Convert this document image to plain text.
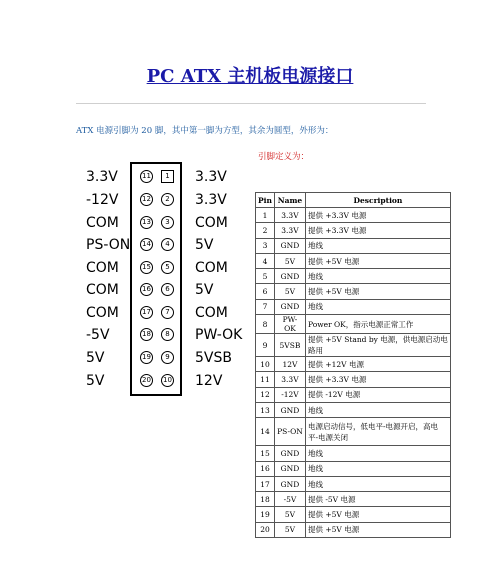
PC ATX 主机板电源接口
ATX 电源引脚为 20 脚，其中第一脚为方型，其余为圆型，外形为：
引脚定义为：
3.3V
-12V
COM
PS-ON
COM
COM
COM
-5V
5V
5V
3.3V
3.3V
COM
5V
COM
5V
COM
PW-OK
5VSB
12V
11
12
13
14
15
16
17
18
19
20
1
2
3
4
5
6
7
8
9
10
Pin	Name	Description
1	3.3V	提供 +3.3V 电源
2	3.3V	提供 +3.3V 电源
3	GND	地线
4	5V	提供 +5V 电源
5	GND	地线
6	5V	提供 +5V 电源
7	GND	地线
8	PW-OK	Power OK，指示电源正常工作
9	5VSB	提供 +5V Stand by 电源，供电源启动电路用
10	12V	提供 +12V 电源
11	3.3V	提供 +3.3V 电源
12	-12V	提供 -12V 电源
13	GND	地线
14	PS-ON	电源启动信号，低电平-电源开启，高电平-电源关闭
15	GND	地线
16	GND	地线
17	GND	地线
18	-5V	提供 -5V 电源
19	5V	提供 +5V 电源
20	5V	提供 +5V 电源
